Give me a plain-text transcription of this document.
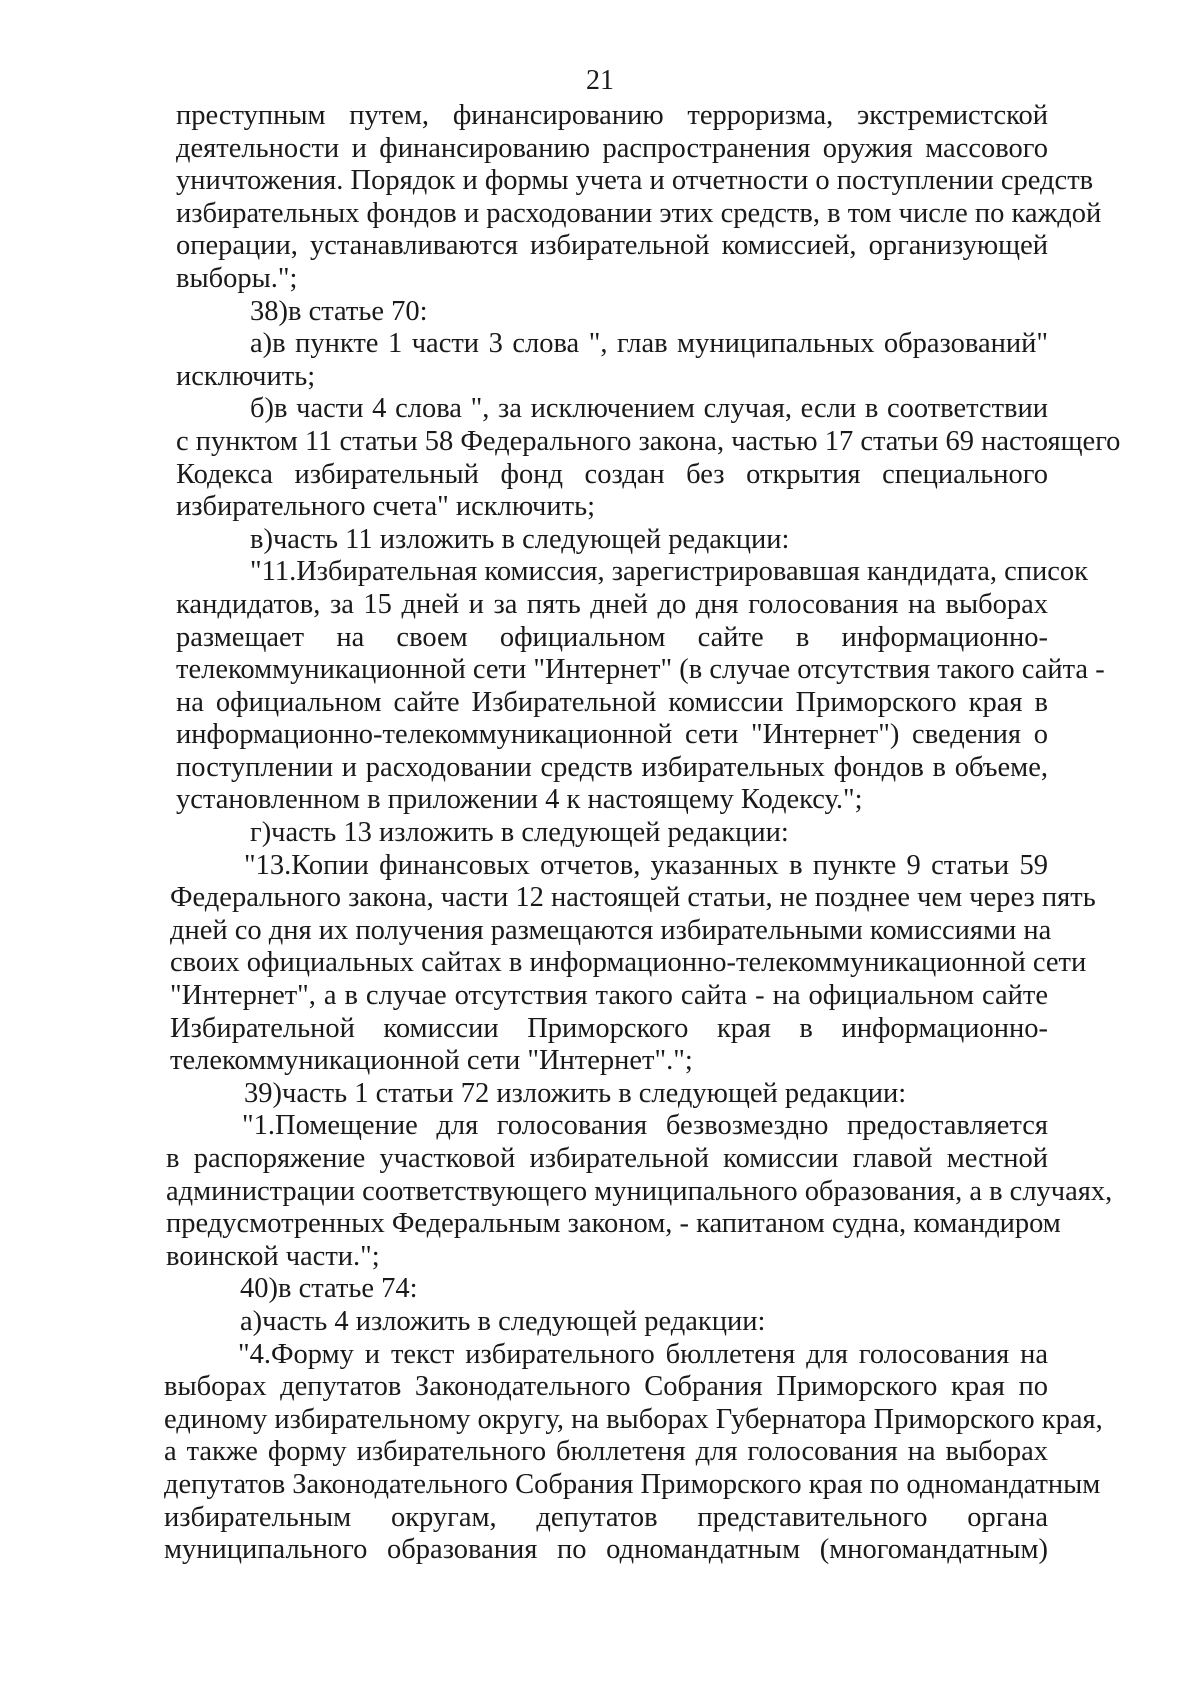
21
преступным путем, финансированию терроризма, экстремистской
деятельности и финансированию распространения оружия массового
уничтожения. Порядок и формы учета и отчетности о поступлении средств
избирательных фондов и расходовании этих средств, в том числе по каждой
операции, устанавливаются избирательной комиссией, организующей
выборы.";
38)в статье 70:
а)в пункте 1 части 3 слова ", глав муниципальных образований"
исключить;
б)в части 4 слова ", за исключением случая, если в соответствии
с пунктом 11 статьи 58 Федерального закона, частью 17 статьи 69 настоящего
Кодекса избирательный фонд создан без открытия специального
избирательного счета" исключить;
в)часть 11 изложить в следующей редакции:
"11.Избирательная комиссия, зарегистрировавшая кандидата, список
кандидатов, за 15 дней и за пять дней до дня голосования на выборах
размещает на своем официальном сайте в информационно-
телекоммуникационной сети "Интернет" (в случае отсутствия такого сайта -
на официальном сайте Избирательной комиссии Приморского края в
информационно-телекоммуникационной сети "Интернет") сведения о
поступлении и расходовании средств избирательных фондов в объеме,
установленном в приложении 4 к настоящему Кодексу.";
г)часть 13 изложить в следующей редакции:
"13.Копии финансовых отчетов, указанных в пункте 9 статьи 59
Федерального закона, части 12 настоящей статьи, не позднее чем через пять
дней со дня их получения размещаются избирательными комиссиями на
своих официальных сайтах в информационно-телекоммуникационной сети
"Интернет", а в случае отсутствия такого сайта - на официальном сайте
Избирательной комиссии Приморского края в информационно-
телекоммуникационной сети "Интернет".";
39)часть 1 статьи 72 изложить в следующей редакции:
"1.Помещение для голосования безвозмездно предоставляется
в распоряжение участковой избирательной комиссии главой местной
администрации соответствующего муниципального образования, а в случаях,
предусмотренных Федеральным законом, - капитаном судна, командиром
воинской части.";
40)в статье 74:
а)часть 4 изложить в следующей редакции:
"4.Форму и текст избирательного бюллетеня для голосования на
выборах депутатов Законодательного Собрания Приморского края по
единому избирательному округу, на выборах Губернатора Приморского края,
а также форму избирательного бюллетеня для голосования на выборах
депутатов Законодательного Собрания Приморского края по одномандатным
избирательным округам, депутатов представительного органа
муниципального образования по одномандатным (многомандатным)
